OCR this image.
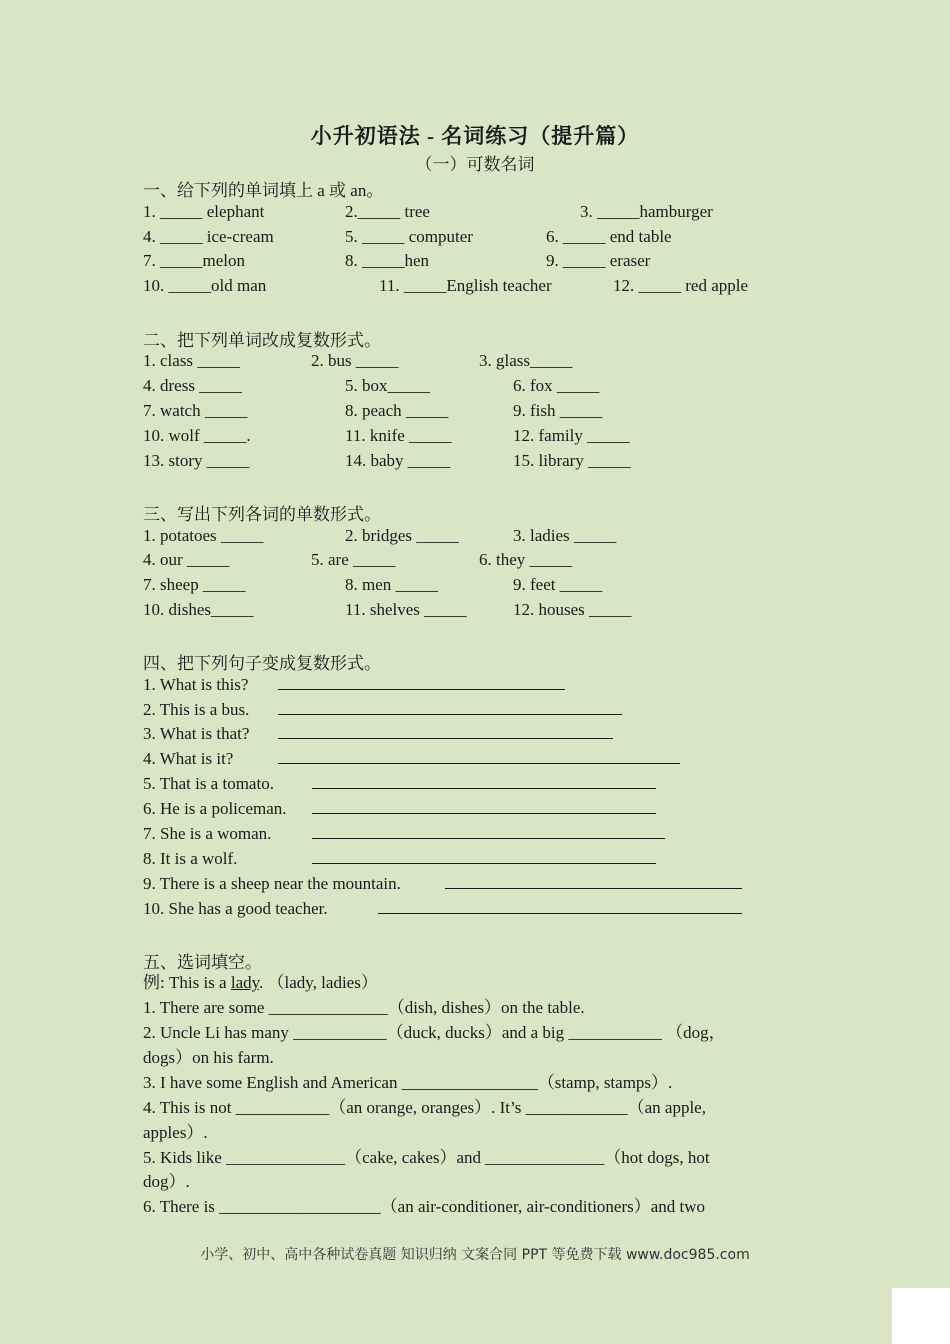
小升初语法 - 名词练习（提升篇）
（一）可数名词
一、给下列的单词填上 a 或 an。
1. _____ elephant	2._____ tree	3. _____hamburger
4. _____ ice-cream	5. _____ computer	6. _____ end table
7. _____melon	8. _____hen	9. _____ eraser
10. _____old man	11. _____English teacher	12. _____ red apple
二、把下列单词改成复数形式。
1. class _____	2. bus _____	3. glass_____
4. dress _____	5. box_____	6. fox _____
7. watch _____	8. peach _____	9. fish _____
10. wolf _____.	11. knife _____	12. family _____
13. story _____	14. baby _____	15. library _____
三、写出下列各词的单数形式。
1. potatoes _____	2. bridges _____	3. ladies _____
4. our _____	5. are _____	6. they _____
7. sheep _____	8. men _____	9. feet _____
10. dishes_____	11. shelves _____	12. houses _____
四、把下列句子变成复数形式。
1. What is this?
2. This is a bus.
3. What is that?
4. What is it?
5. That is a tomato.
6. He is a policeman.
7. She is a woman.
8. It is a wolf.
9. There is a sheep near the mountain.
10. She has a good teacher.
五、选词填空。
例: This is a lady. （lady, ladies）
1. There are some ______________（dish, dishes）on the table.
2. Uncle Li has many ___________（duck, ducks）and a big ___________ （dog，
dogs）on his farm.
3. I have some English and American ________________（stamp, stamps）.
4. This is not ___________（an orange, oranges）. It’s ____________（an apple,
apples）.
5. Kids like ______________（cake, cakes）and ______________（hot dogs, hot
dog）.
6. There is ___________________（an air-conditioner, air-conditioners）and two
小学、初中、高中各种试卷真题 知识归纳 文案合同 PPT 等免费下载 www.doc985.com
